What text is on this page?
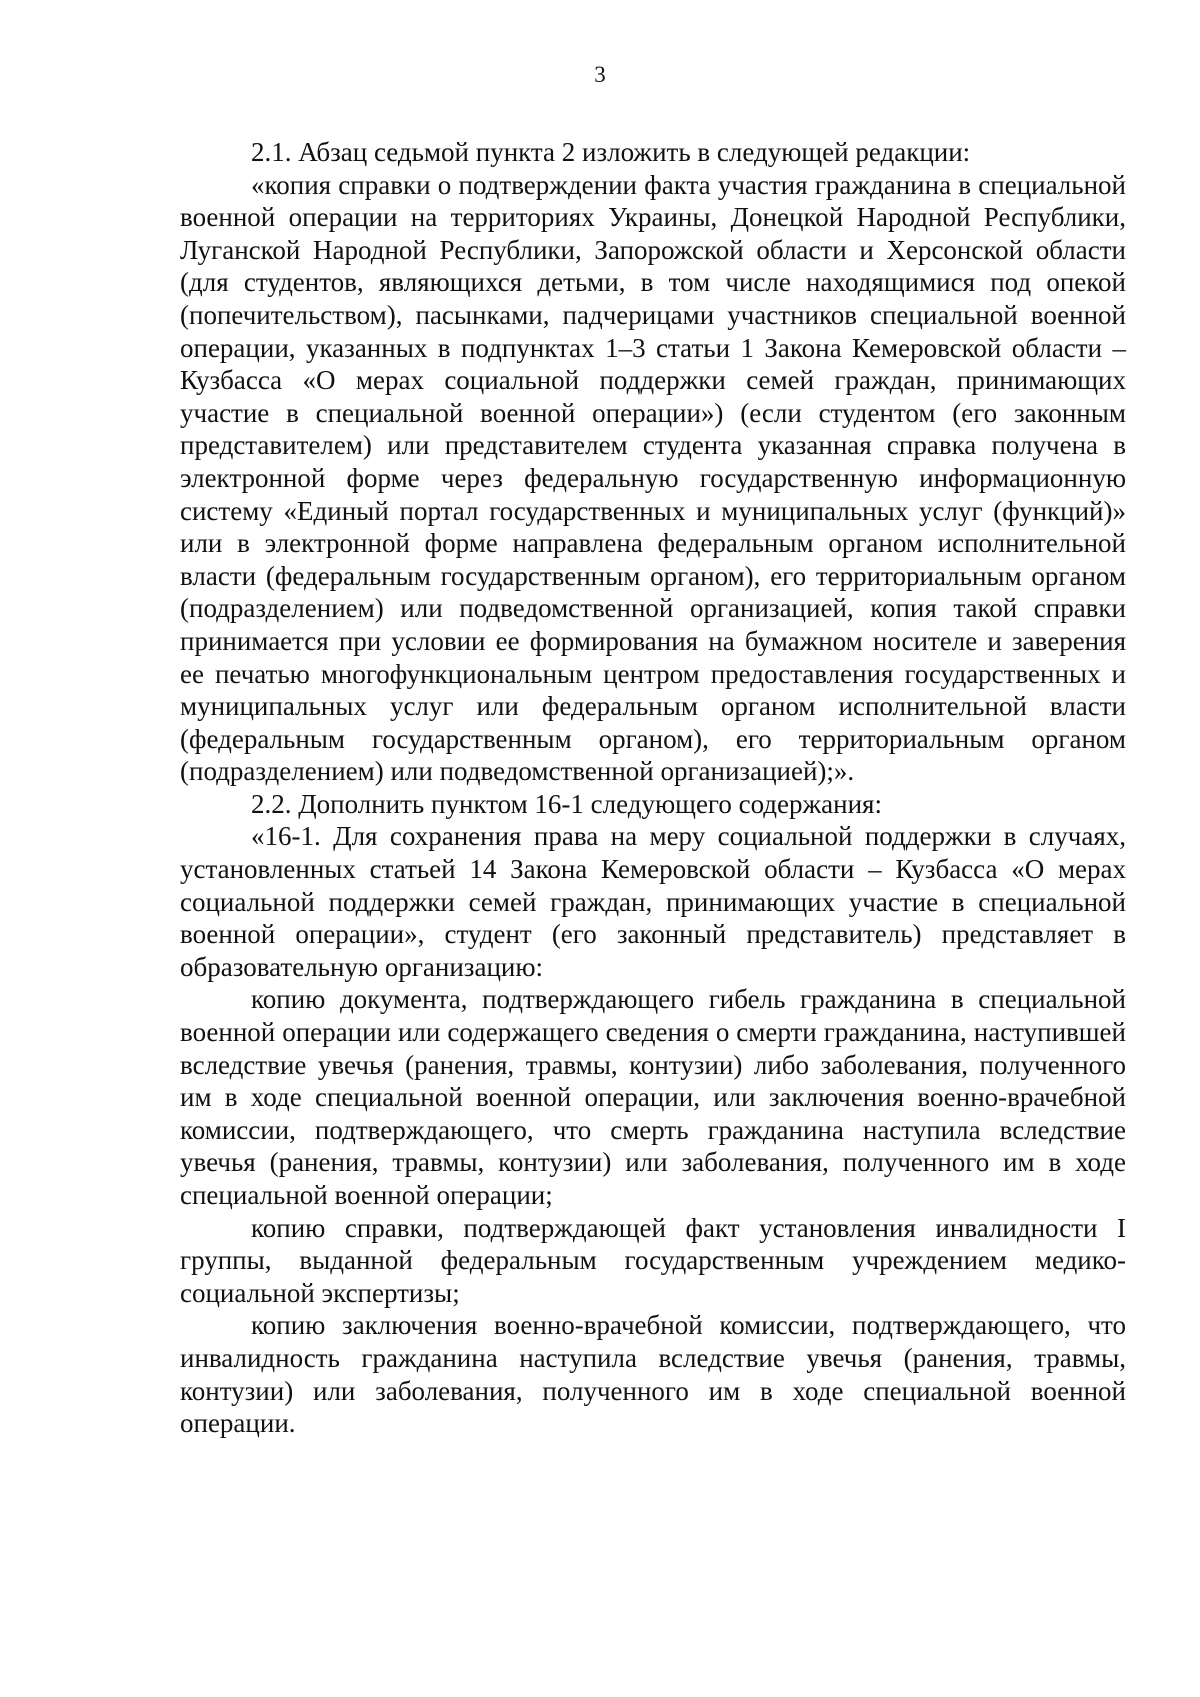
3

2.1. Абзац седьмой пункта 2 изложить в следующей редакции:

«копия справки о подтверждении факта участия гражданина в специальной военной операции на территориях Украины, Донецкой Народной Республики, Луганской Народной Республики, Запорожской области и Херсонской области (для студентов, являющихся детьми, в том числе находящимися под опекой (попечительством), пасынками, падчерицами участников специальной военной операции, указанных в подпунктах 1–3 статьи 1 Закона Кемеровской области – Кузбасса «О мерах социальной поддержки семей граждан, принимающих участие в специальной военной операции») (если студентом (его законным представителем) или представителем студента указанная справка получена в электронной форме через федеральную государственную информационную систему «Единый портал государственных и муниципальных услуг (функций)» или в электронной форме направлена федеральным органом исполнительной власти (федеральным государственным органом), его территориальным органом (подразделением) или подведомственной организацией, копия такой справки принимается при условии ее формирования на бумажном носителе и заверения ее печатью многофункциональным центром предоставления государственных и муниципальных услуг или федеральным органом исполнительной власти (федеральным государственным органом), его территориальным органом (подразделением) или подведомственной организацией);».

2.2. Дополнить пунктом 16-1 следующего содержания:

«16-1. Для сохранения права на меру социальной поддержки в случаях, установленных статьей 14 Закона Кемеровской области – Кузбасса «О мерах социальной поддержки семей граждан, принимающих участие в специальной военной операции», студент (его законный представитель) представляет в образовательную организацию:

копию документа, подтверждающего гибель гражданина в специальной военной операции или содержащего сведения о смерти гражданина, наступившей вследствие увечья (ранения, травмы, контузии) либо заболевания, полученного им в ходе специальной военной операции, или заключения военно-врачебной комиссии, подтверждающего, что смерть гражданина наступила вследствие увечья (ранения, травмы, контузии) или заболевания, полученного им в ходе специальной военной операции;

копию справки, подтверждающей факт установления инвалидности I группы, выданной федеральным государственным учреждением медико-социальной экспертизы;

копию заключения военно-врачебной комиссии, подтверждающего, что инвалидность гражданина наступила вследствие увечья (ранения, травмы, контузии) или заболевания, полученного им в ходе специальной военной операции.
